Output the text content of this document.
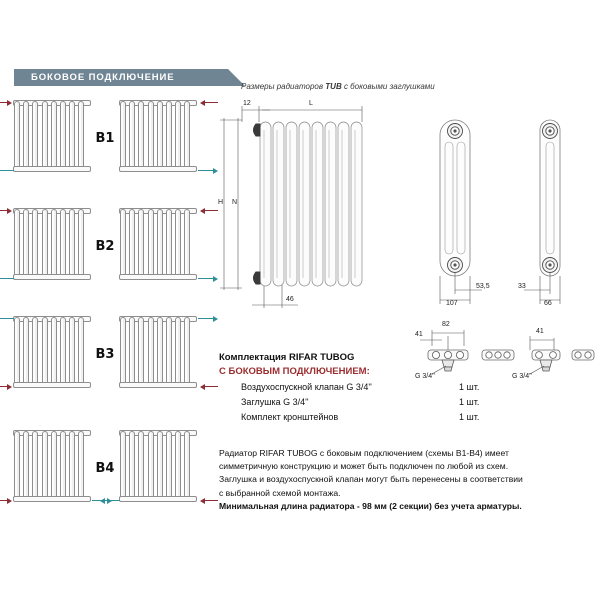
БОКОВОЕ ПОДКЛЮЧЕНИЕ
B1
B2
B3
B4
Размеры радиаторов TUB с боковыми заглушками
12	L
H N
46
107
53,5
66
33
82
41
G 3/4''
41
G 3/4''
Комплектация RIFAR TUBOG
С БОКОВЫМ ПОДКЛЮЧЕНИЕМ:
Воздухоспускной клапан G 3/4''	1 шт.
Заглушка G 3/4''	1 шт.
Комплект кронштейнов	1 шт.
Радиатор RIFAR TUBOG с боковым подключением (схемы В1-В4) имеет
симметричную конструкцию и может быть подключен по любой из схем.
Заглушка и воздухоспускной клапан могут быть перенесены в соответствии
с выбранной схемой монтажа.
Минимальная длина радиатора - 98 мм (2 секции) без учета арматуры.
